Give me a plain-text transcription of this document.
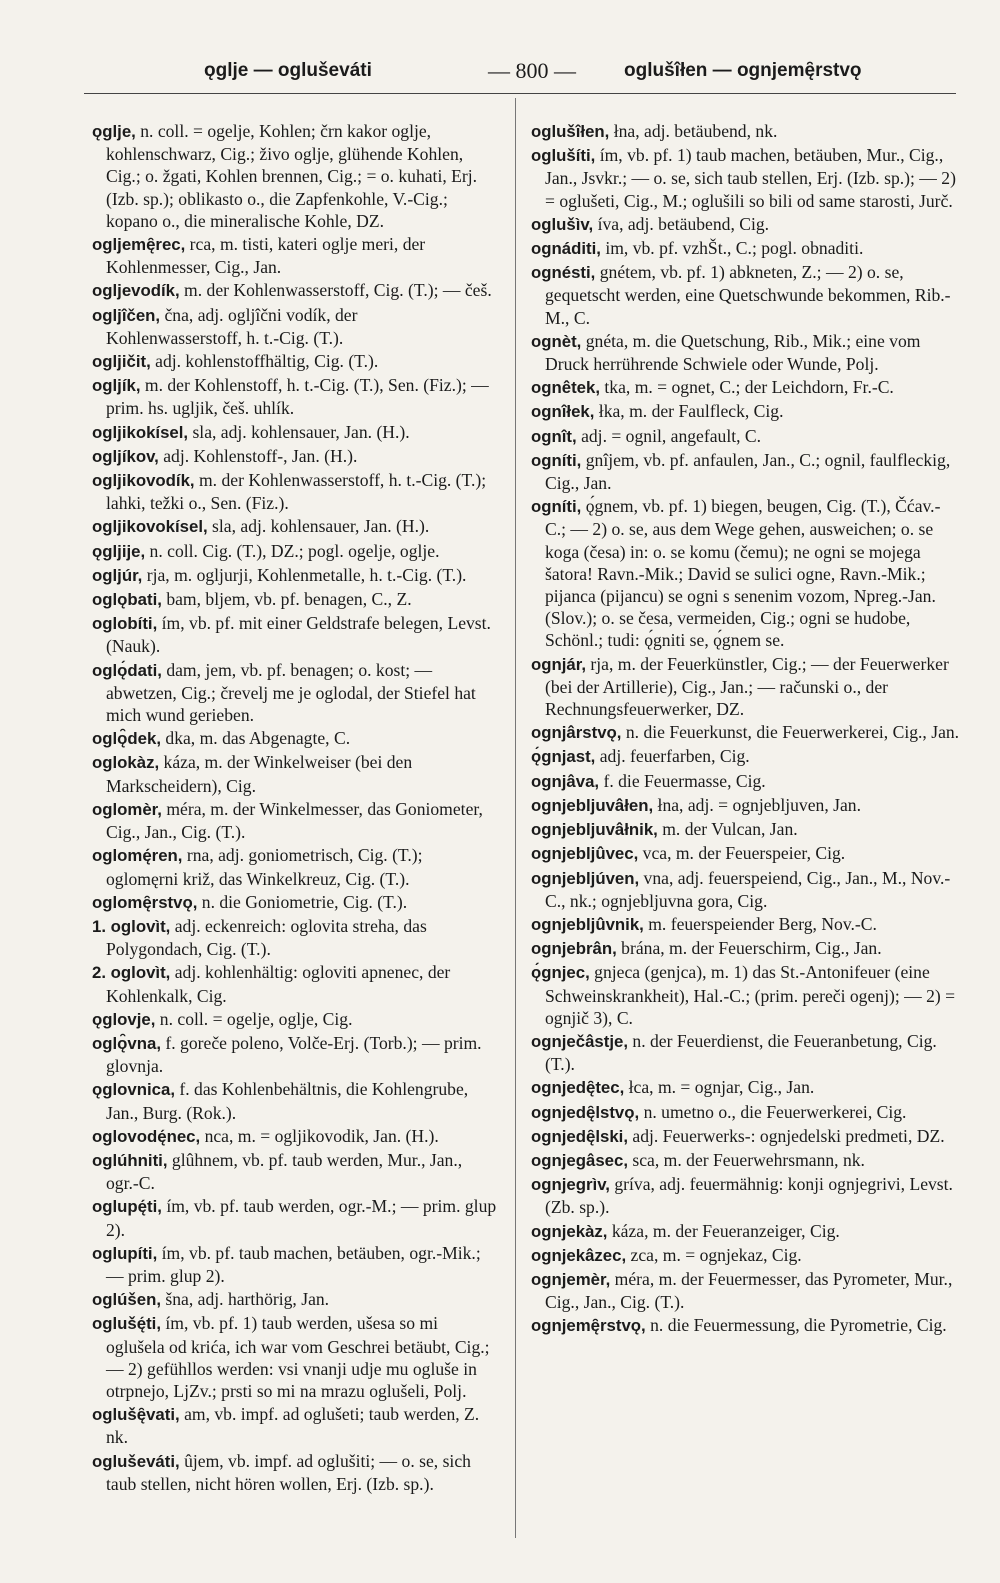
ǫglje — ogluševáti	— 800 —	oglušîłen — ognjemę̑rstvǫ
ǫglje, n. coll. = ogelje, Kohlen; črn kakor oglje, kohlenschwarz, Cig.; živo oglje, glühende Kohlen, Cig.; o. žgati, Kohlen brennen, Cig.; = o. kuhati, Erj. (Izb. sp.); oblikasto o., die Zapfenkohle, V.-Cig.; kopano o., die mineralische Kohle, DZ.
ogljemę̑rec, rca, m. tisti, kateri oglje meri, der Kohlenmesser, Cig., Jan.
ogljevodík, m. der Kohlenwasserstoff, Cig. (T.); — češ.
ogljîčen, čna, adj. ogljîčni vodík, der Kohlenwasserstoff, h. t.-Cig. (T.).
ogljičit, adj. kohlenstoffhältig, Cig. (T.).
ogljík, m. der Kohlenstoff, h. t.-Cig. (T.), Sen. (Fiz.); — prim. hs. ugljik, češ. uhlík.
ogljikokísel, sla, adj. kohlensauer, Jan. (H.).
ogljíkov, adj. Kohlenstoff-, Jan. (H.).
ogljikovodík, m. der Kohlenwasserstoff, h. t.-Cig. (T.); lahki, težki o., Sen. (Fiz.).
ogljikovokísel, sla, adj. kohlensauer, Jan. (H.).
ǫgljije, n. coll. Cig. (T.), DZ.; pogl. ogelje, oglje.
ogljúr, rja, m. ogljurji, Kohlenmetalle, h. t.-Cig. (T.).
oglǫbati, bam, bljem, vb. pf. benagen, C., Z.
oglobíti, ím, vb. pf. mit einer Geldstrafe belegen, Levst. (Nauk).
oglǫ́dati, dam, jem, vb. pf. benagen; o. kost; — abwetzen, Cig.; črevelj me je oglodal, der Stiefel hat mich wund gerieben.
oglǫ̑dek, dka, m. das Abgenagte, C.
oglokàz, káza, m. der Winkelweiser (bei den Markscheidern), Cig.
oglomèr, méra, m. der Winkelmesser, das Goniometer, Cig., Jan., Cig. (T.).
oglomę́ren, rna, adj. goniometrisch, Cig. (T.); oglomęrni križ, das Winkelkreuz, Cig. (T.).
oglomę̑rstvǫ, n. die Goniometrie, Cig. (T.).
1. oglovìt, adj. eckenreich: oglovita streha, das Polygondach, Cig. (T.).
2. oglovìt, adj. kohlenhältig: ogloviti apnenec, der Kohlenkalk, Cig.
ǫglovje, n. coll. = ogelje, oglje, Cig.
oglǫ̑vna, f. goreče poleno, Volče-Erj. (Torb.); — prim. glovnja.
ǫglovnica, f. das Kohlenbehältnis, die Kohlengrube, Jan., Burg. (Rok.).
oglovodę́nec, nca, m. = ogljikovodik, Jan. (H.).
oglúhniti, glûhnem, vb. pf. taub werden, Mur., Jan., ogr.-C.
oglupę́ti, ím, vb. pf. taub werden, ogr.-M.; — prim. glup 2).
oglupíti, ím, vb. pf. taub machen, betäuben, ogr.-Mik.; — prim. glup 2).
oglúšen, šna, adj. harthörig, Jan.
oglušę́ti, ím, vb. pf. 1) taub werden, ušesa so mi oglušela od krića, ich war vom Geschrei betäubt, Cig.; — 2) gefühllos werden: vsi vnanji udje mu ogluše in otrpnejo, LjZv.; prsti so mi na mrazu oglušeli, Polj.
oglušę̑vati, am, vb. impf. ad oglušeti; taub werden, Z. nk.
ogluševáti, ûjem, vb. impf. ad oglušiti; — o. se, sich taub stellen, nicht hören wollen, Erj. (Izb. sp.).
oglušîłen, łna, adj. betäubend, nk.
oglušíti, ím, vb. pf. 1) taub machen, betäuben, Mur., Cig., Jan., Jsvkr.; — o. se, sich taub stellen, Erj. (Izb. sp.); — 2) = oglušeti, Cig., M.; oglušili so bili od same starosti, Jurč.
oglušìv, íva, adj. betäubend, Cig.
ognáditi, im, vb. pf. vzhŠt., C.; pogl. obnaditi.
ognésti, gnétem, vb. pf. 1) abkneten, Z.; — 2) o. se, gequetscht werden, eine Quetschwunde bekommen, Rib.-M., C.
ognèt, gnéta, m. die Quetschung, Rib., Mik.; eine vom Druck herrührende Schwiele oder Wunde, Polj.
ognêtek, tka, m. = ognet, C.; der Leichdorn, Fr.-C.
ognîłek, łka, m. der Faulfleck, Cig.
ognît, adj. = ognil, angefault, C.
ogníti, gnîjem, vb. pf. anfaulen, Jan., C.; ognil, faulfleckig, Cig., Jan.
ogníti, ǫ́gnem, vb. pf. 1) biegen, beugen, Cig. (T.), Čćav.-C.; — 2) o. se, aus dem Wege gehen, ausweichen; o. se koga (česa) in: o. se komu (čemu); ne ogni se mojega šatora! Ravn.-Mik.; David se sulici ogne, Ravn.-Mik.; pijanca (pijancu) se ogni s senenim vozom, Npreg.-Jan. (Slov.); o. se česa, vermeiden, Cig.; ogni se hudobe, Schönl.; tudi: ǫ́gniti se, ǫ́gnem se.
ognjár, rja, m. der Feuerkünstler, Cig.; — der Feuerwerker (bei der Artillerie), Cig., Jan.; — računski o., der Rechnungsfeuerwerker, DZ.
ognjârstvǫ, n. die Feuerkunst, die Feuerwerkerei, Cig., Jan.
ǫ́gnjast, adj. feuerfarben, Cig.
ognjâva, f. die Feuermasse, Cig.
ognjebljuvâłen, łna, adj. = ognjebljuven, Jan.
ognjebljuvâłnik, m. der Vulcan, Jan.
ognjebljûvec, vca, m. der Feuerspeier, Cig.
ognjebljúven, vna, adj. feuerspeiend, Cig., Jan., M., Nov.-C., nk.; ognjebljuvna gora, Cig.
ognjebljûvnik, m. feuerspeiender Berg, Nov.-C.
ognjebrân, brána, m. der Feuerschirm, Cig., Jan.
ǫ́gnjec, gnjeca (genjca), m. 1) das St.-Antonifeuer (eine Schweinskrankheit), Hal.-C.; (prim. pereči ogenj); — 2) = ognjič 3), C.
ognječâstje, n. der Feuerdienst, die Feueranbetung, Cig. (T.).
ognjedę̑tec, łca, m. = ognjar, Cig., Jan.
ognjedę̑lstvǫ, n. umetno o., die Feuerwerkerei, Cig.
ognjedę̑lski, adj. Feuerwerks-: ognjedelski predmeti, DZ.
ognjegâsec, sca, m. der Feuerwehrsmann, nk.
ognjegrìv, gríva, adj. feuermähnig: konji ognjegrivi, Levst. (Zb. sp.).
ognjekàz, káza, m. der Feueranzeiger, Cig.
ognjekâzec, zca, m. = ognjekaz, Cig.
ognjemèr, méra, m. der Feuermesser, das Pyrometer, Mur., Cig., Jan., Cig. (T.).
ognjemę̑rstvǫ, n. die Feuermessung, die Pyrometrie, Cig.
